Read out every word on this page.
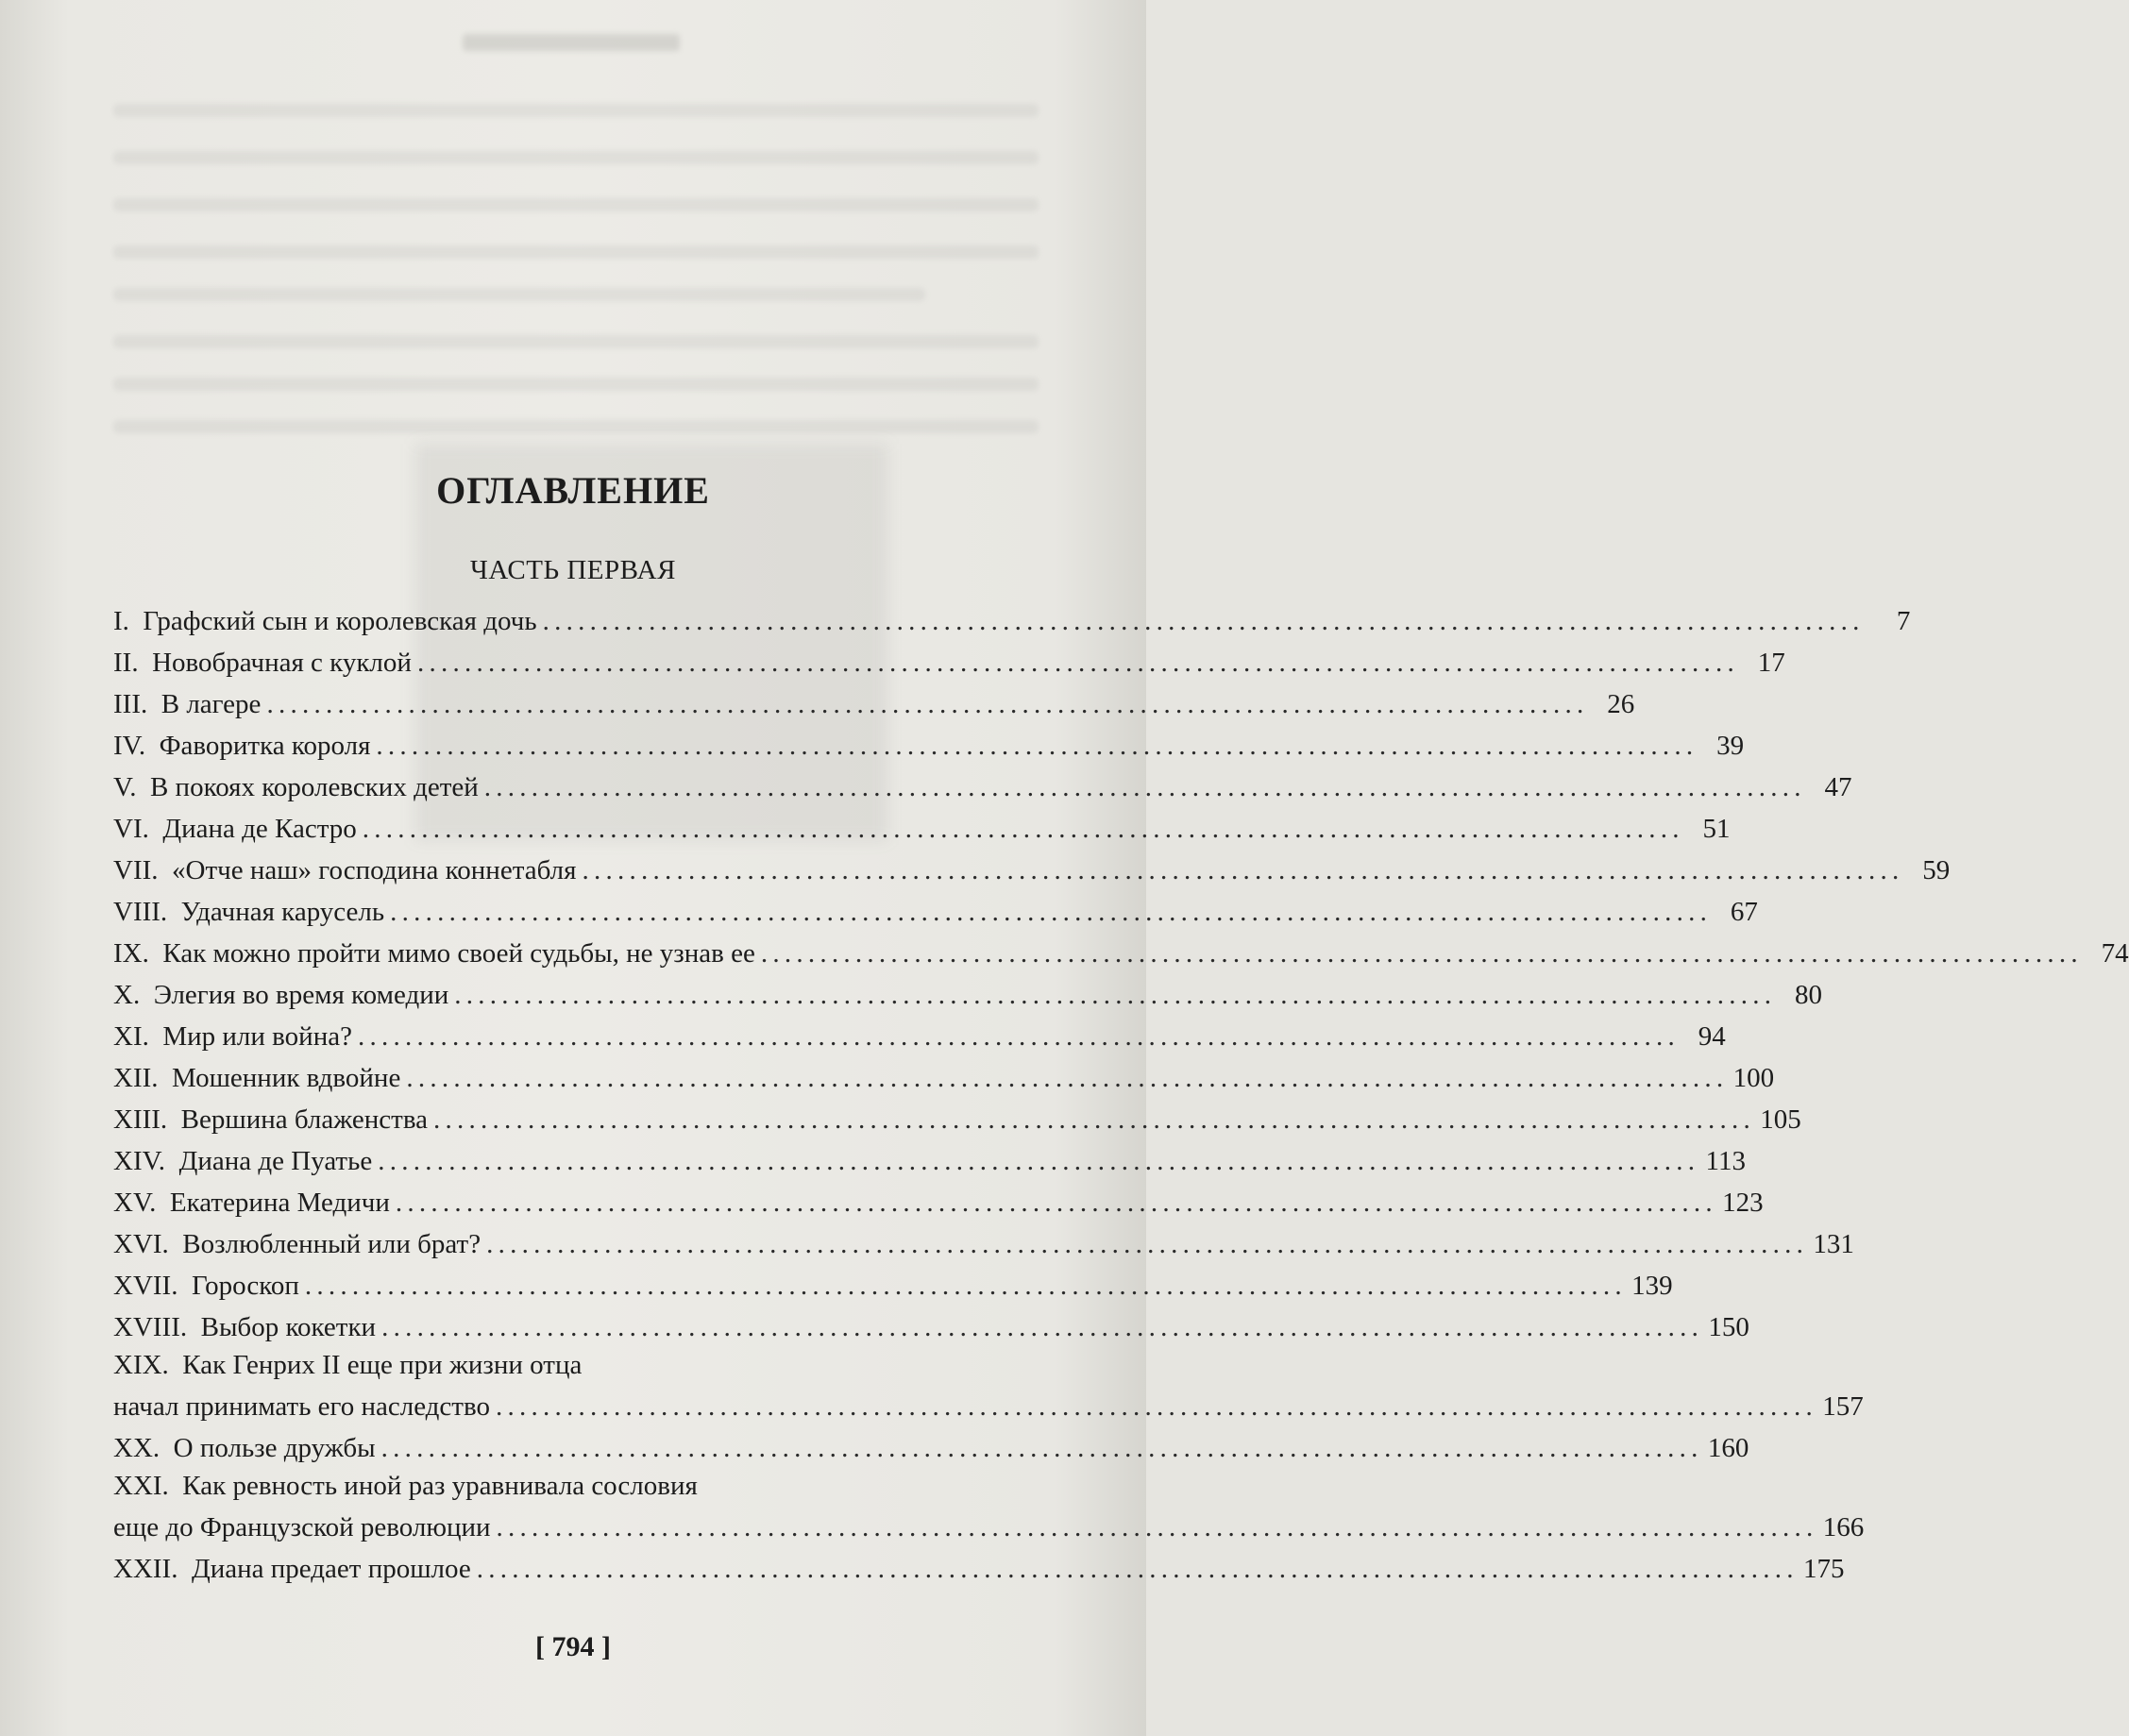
ОГЛАВЛЕНИЕ
ЧАСТЬ ПЕРВАЯ
I. Графский сын и королевская дочь . . .	7
II. Новобрачная с куклой . . .	17
III. В лагере . . .	26
IV. Фаворитка короля . . .	39
V. В покоях королевских детей . . .	47
VI. Диана де Кастро . . .	51
VII. «Отче наш» господина коннетабля . . .	59
VIII. Удачная карусель . . .	67
IX. Как можно пройти мимо своей судьбы, не узнав ее . . .	74
X. Элегия во время комедии . . .	80
XI. Мир или война? . . .	94
XII. Мошенник вдвойне . . .	100
XIII. Вершина блаженства . . .	105
XIV. Диана де Пуатье . . .	113
XV. Екатерина Медичи . . .	123
XVI. Возлюбленный или брат? . . .	131
XVII. Гороскоп . . .	139
XVIII. Выбор кокетки . . .	150
XIX. Как Генрих II еще при жизни отца
начал принимать его наследство . . .	157
XX. О пользе дружбы . . .	160
XXI. Как ревность иной раз уравнивала сословия
еще до Французской революции . . .	166
XXII. Диана предает прошлое . . .	175
[ 794 ]
